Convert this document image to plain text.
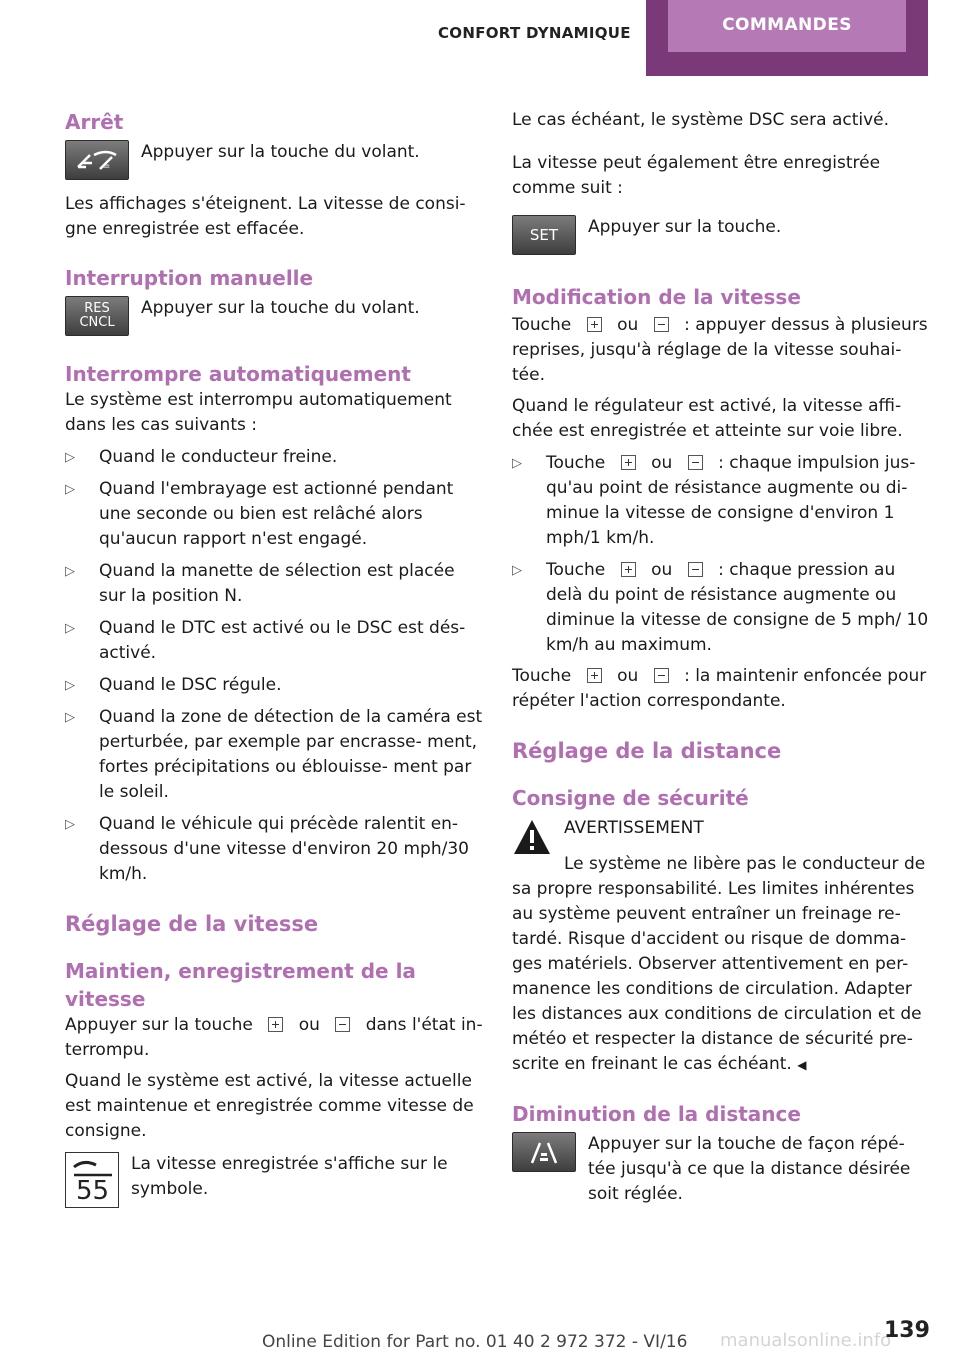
CONFORT DYNAMIQUE	COMMANDES
Arrêt
=

Appuyer sur la touche du volant.

Les affichages s'éteignent. La vitesse de consi- gne enregistrée est effacée.

Interruption manuelle
RES
CNCL

Appuyer sur la touche du volant.

Interrompre automatiquement

Le système est interrompu automatiquement dans les cas suivants :

▷ Quand le conducteur freine.
▷ Quand l'embrayage est actionné pendant une seconde ou bien est relâché alors qu'aucun rapport n'est engagé.
▷ Quand la manette de sélection est placée sur la position N.
▷ Quand le DTC est activé ou le DSC est dés- activé.
▷ Quand le DSC régule.
▷ Quand la zone de détection de la caméra est perturbée, par exemple par encrasse- ment, fortes précipitations ou éblouisse- ment par le soleil.
▷ Quand le véhicule qui précède ralentit en- dessous d'une vitesse d'environ 20 mph/30 km/h.
Réglage de la vitesse
Maintien, enregistrement de la vitesse

Appuyer sur la touche	ou	dans l'état in- terrompu.

Quand le système est activé, la vitesse actuelle est maintenue et enregistrée comme vitesse de consigne.

55

La vitesse enregistrée s'affiche sur le symbole.

Le cas échéant, le système DSC sera activé.

La vitesse peut également être enregistrée comme suit :

SET Appuyer sur la touche.

Modification de la vitesse

Touche	ou	: appuyer dessus à plusieurs reprises, jusqu'à réglage de la vitesse souhai- tée.

Quand le régulateur est activé, la vitesse affi- chée est enregistrée et atteinte sur voie libre.

▷ Touche	ou	: chaque impulsion jus- qu'au point de résistance augmente ou di- minue la vitesse de consigne d'environ 1 mph/1 km/h.
▷ Touche	ou	: chaque pression au delà du point de résistance augmente ou diminue la vitesse de consigne de 5 mph/ 10 km/h au maximum.

Touche	ou	: la maintenir enfoncée pour répéter l'action correspondante.

Réglage de la distance
Consigne de sécurité
AVERTISSEMENT

Le système ne libère pas le conducteur de sa propre responsabilité. Les limites inhérentes au système peuvent entraîner un freinage re- tardé. Risque d'accident ou risque de domma- ges matériels. Observer attentivement en per- manence les conditions de circulation. Adapter les distances aux conditions de circulation et de météo et respecter la distance de sécurité pre- scrite en freinant le cas échéant. ◀

Diminution de la distance

Appuyer sur la touche de façon répé- tée jusqu'à ce que la distance désirée soit réglée.

Online Edition for Part no. 01 40 2 972 372 - VI/16 manualsonline.info
139
